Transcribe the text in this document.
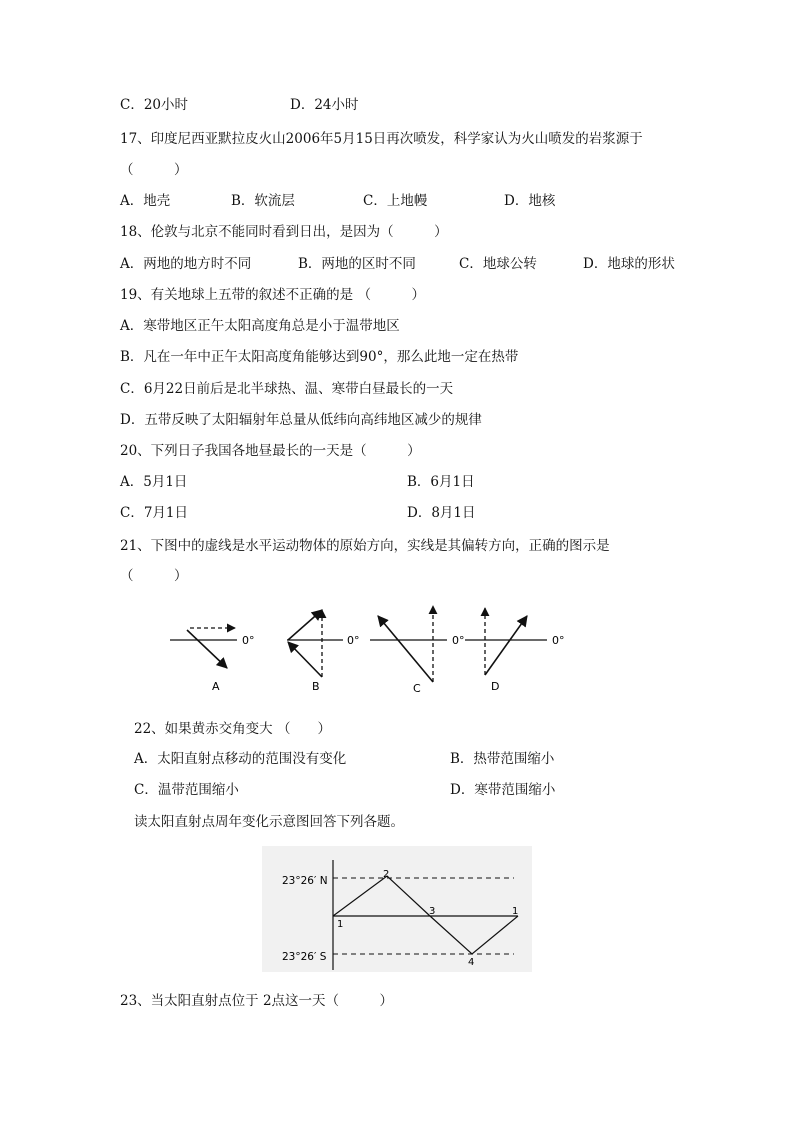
C．20小时	D．24小时
17、印度尼西亚默拉皮火山2006年5月15日再次喷发，科学家认为火山喷发的岩浆源于
（　　　）
A．地壳	B．软流层	C．上地幔	D．地核
18、伦敦与北京不能同时看到日出，是因为（　　　）
A．两地的地方时不同	B．两地的区时不同	C．地球公转	D．地球的形状
19、有关地球上五带的叙述不正确的是 （　　　）
A．寒带地区正午太阳高度角总是小于温带地区
B．凡在一年中正午太阳高度角能够达到90°，那么此地一定在热带
C．6月22日前后是北半球热、温、寒带白昼最长的一天
D．五带反映了太阳辐射年总量从低纬向高纬地区减少的规律
20、下列日子我国各地昼最长的一天是（　　　）
A．5月1日	B．6月1日
C．7月1日	D．8月1日
21、下图中的虚线是水平运动物体的原始方向，实线是其偏转方向，正确的图示是
（　　　）
0°
A
0°
B
0°
C
0°
D
22、如果黄赤交角变大 （　　）
A．太阳直射点移动的范围没有变化	B．热带范围缩小
C．温带范围缩小	D．寒带范围缩小
读太阳直射点周年变化示意图回答下列各题。
23°26′ N
23°26′ S
1
2
3
4
1
23、当太阳直射点位于 2点这一天（　　　）
